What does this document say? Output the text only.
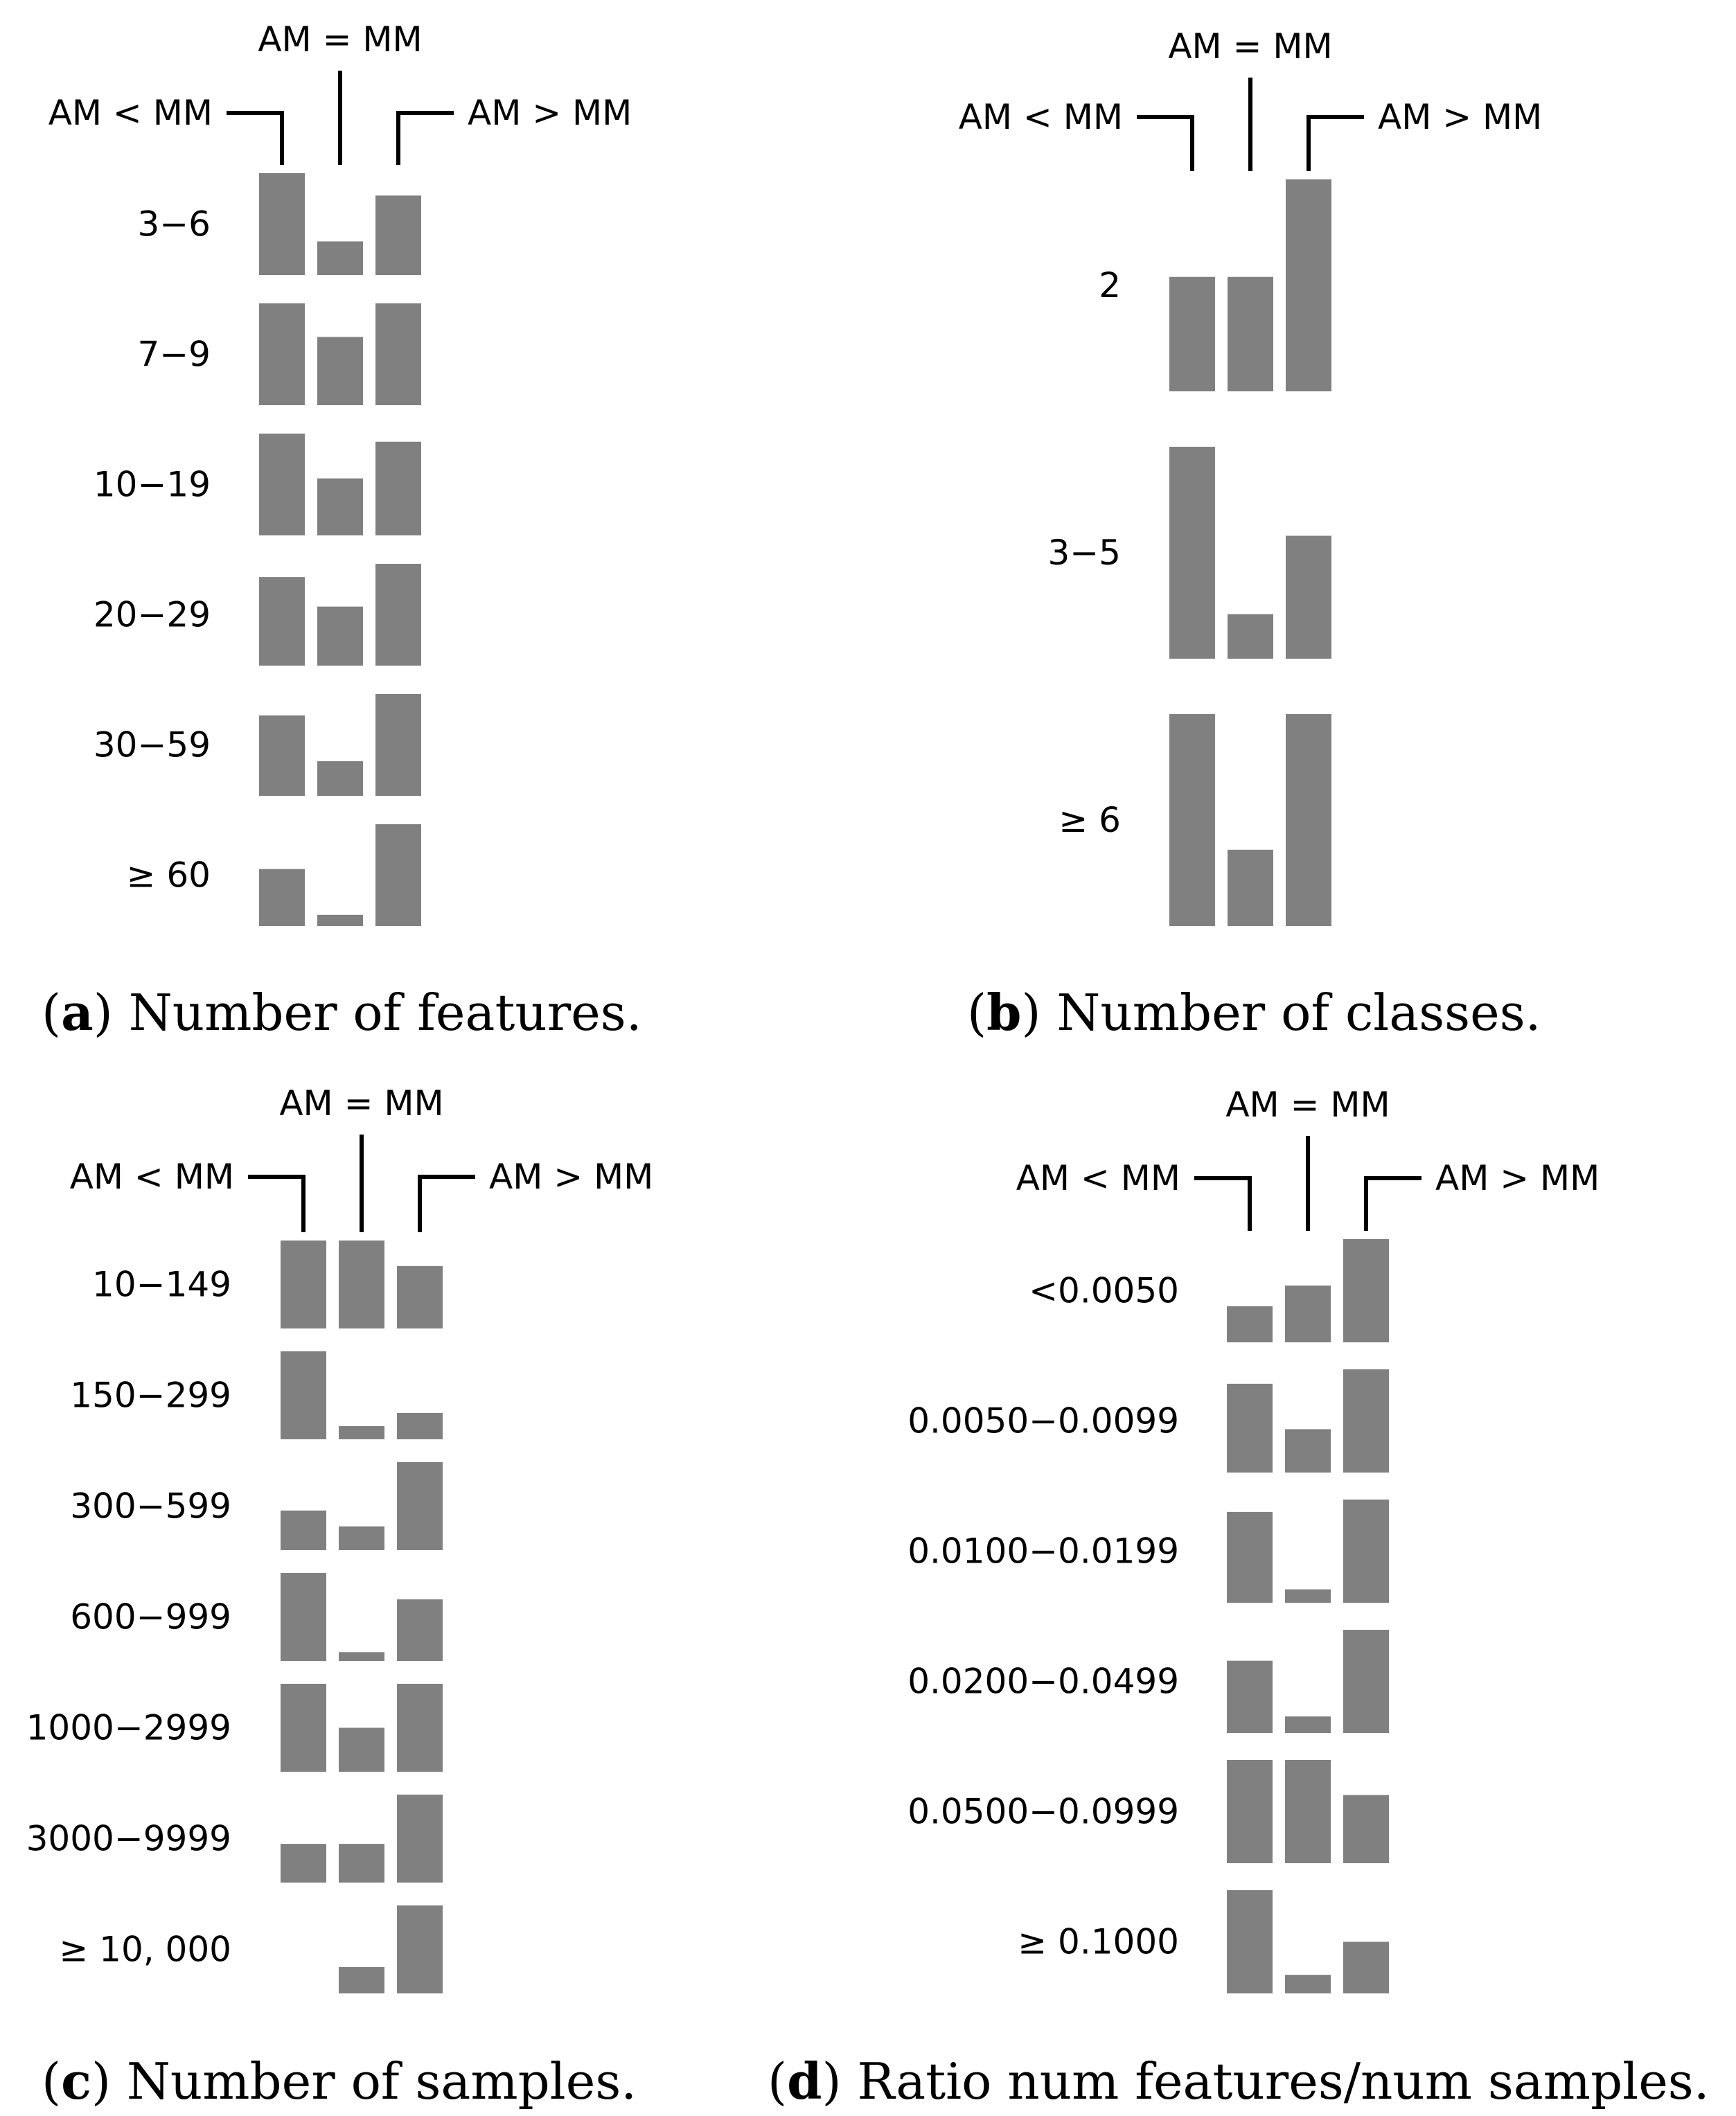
AM < MM
AM = MM
AM > MM
3−6
7−9
10−19
20−29
30−59
≥ 60
(a) Number of features.
AM < MM
AM = MM
AM > MM
2
3−5
≥ 6
(b) Number of classes.
AM < MM
AM = MM
AM > MM
10−149
150−299
300−599
600−999
1000−2999
3000−9999
≥ 10, 000
(c) Number of samples.
AM < MM
AM = MM
AM > MM
<0.0050
0.0050−0.0099
0.0100−0.0199
0.0200−0.0499
0.0500−0.0999
≥ 0.1000
(d) Ratio num features/num samples.
